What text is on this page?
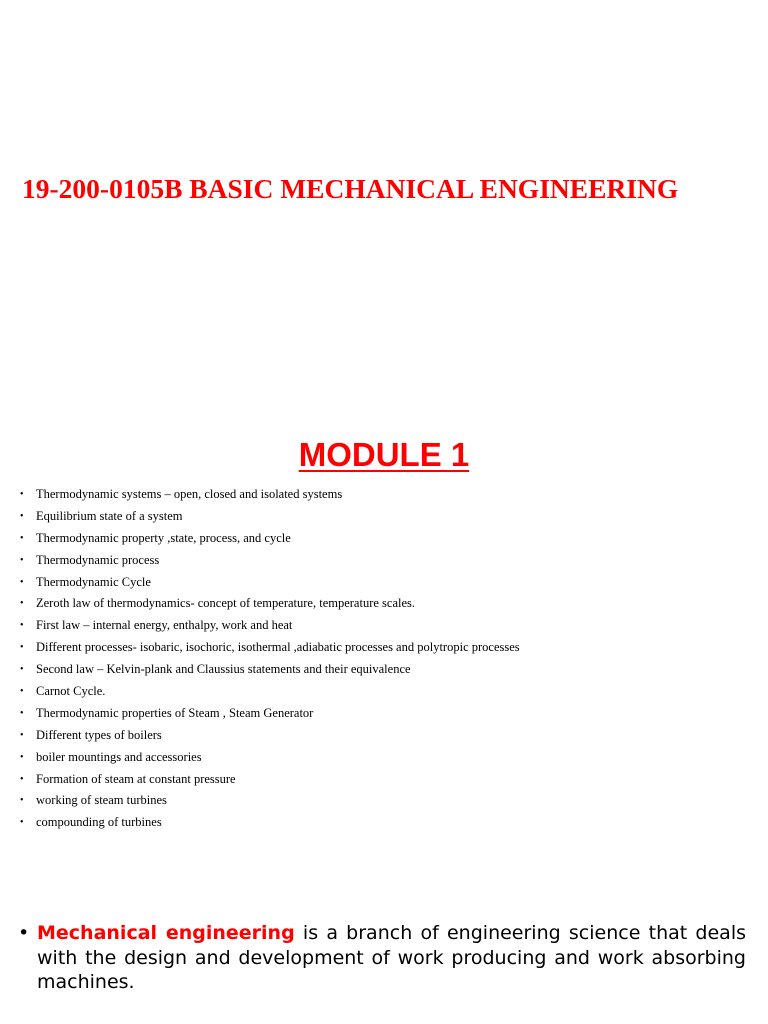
19-200-0105B BASIC MECHANICAL ENGINEERING
MODULE 1
• Thermodynamic systems – open, closed and isolated systems
• Equilibrium state of a system
• Thermodynamic property ,state, process, and cycle
• Thermodynamic process
• Thermodynamic Cycle
• Zeroth law of thermodynamics- concept of temperature, temperature scales.
• First law – internal energy, enthalpy, work and heat
• Different processes- isobaric, isochoric, isothermal ,adiabatic processes and polytropic processes
• Second law – Kelvin-plank and Claussius statements and their equivalence
• Carnot Cycle.
• Thermodynamic properties of Steam , Steam Generator
• Different types of boilers
• boiler mountings and accessories
• Formation of steam at constant pressure
• working of steam turbines
• compounding of turbines

• Mechanical engineering is a branch of engineering science that deals with the design and development of work producing and work absorbing machines.
